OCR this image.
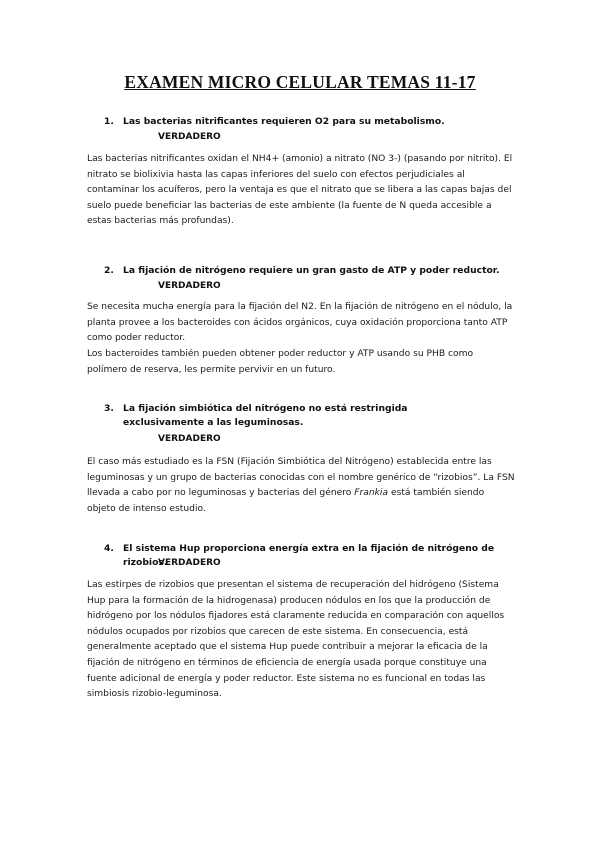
EXAMEN MICRO CELULAR TEMAS 11-17
1. Las bacterias nitrificantes requieren O2 para su metabolismo.
VERDADERO

Las bacterias nitrificantes oxidan el NH4+ (amonio) a nitrato (NO 3-) (pasando por nitrito). El nitrato se biolixivia hasta las capas inferiores del suelo con efectos perjudiciales al contaminar los acuíferos, pero la ventaja es que el nitrato que se libera a las capas bajas del suelo puede beneficiar las bacterias de este ambiente (la fuente de N queda accesible a estas bacterias más profundas).

2. La fijación de nitrógeno requiere un gran gasto de ATP y poder reductor.
VERDADERO

Se necesita mucha energía para la fijación del N2. En la fijación de nitrógeno en el nódulo, la planta provee a los bacteroides con ácidos orgánicos, cuya oxidación proporciona tanto ATP como poder reductor.

Los bacteroides también pueden obtener poder reductor y ATP usando su PHB como polímero de reserva, les permite pervivir en un futuro.

3. La fijación simbiótica del nitrógeno no está restringida exclusivamente a las leguminosas.
VERDADERO

El caso más estudiado es la FSN (Fijación Simbiótica del Nitrógeno) establecida entre las leguminosas y un grupo de bacterias conocidas con el nombre genérico de “rizobios”. La FSN llevada a cabo por no leguminosas y bacterias del género Frankia está también siendo objeto de intenso estudio.

4. El sistema Hup proporciona energía extra en la fijación de nitrógeno de rizobios.
VERDADERO

Las estirpes de rizobios que presentan el sistema de recuperación del hidrógeno (Sistema Hup para la formación de la hidrogenasa) producen nódulos en los que la producción de hidrógeno por los nódulos fijadores está claramente reducida en comparación con aquellos nódulos ocupados por rizobios que carecen de este sistema. En consecuencia, está generalmente aceptado que el sistema Hup puede contribuir a mejorar la eficacia de la fijación de nitrógeno en términos de eficiencia de energía usada porque constituye una fuente adicional de energía y poder reductor. Este sistema no es funcional en todas las simbiosis rizobio-leguminosa.
